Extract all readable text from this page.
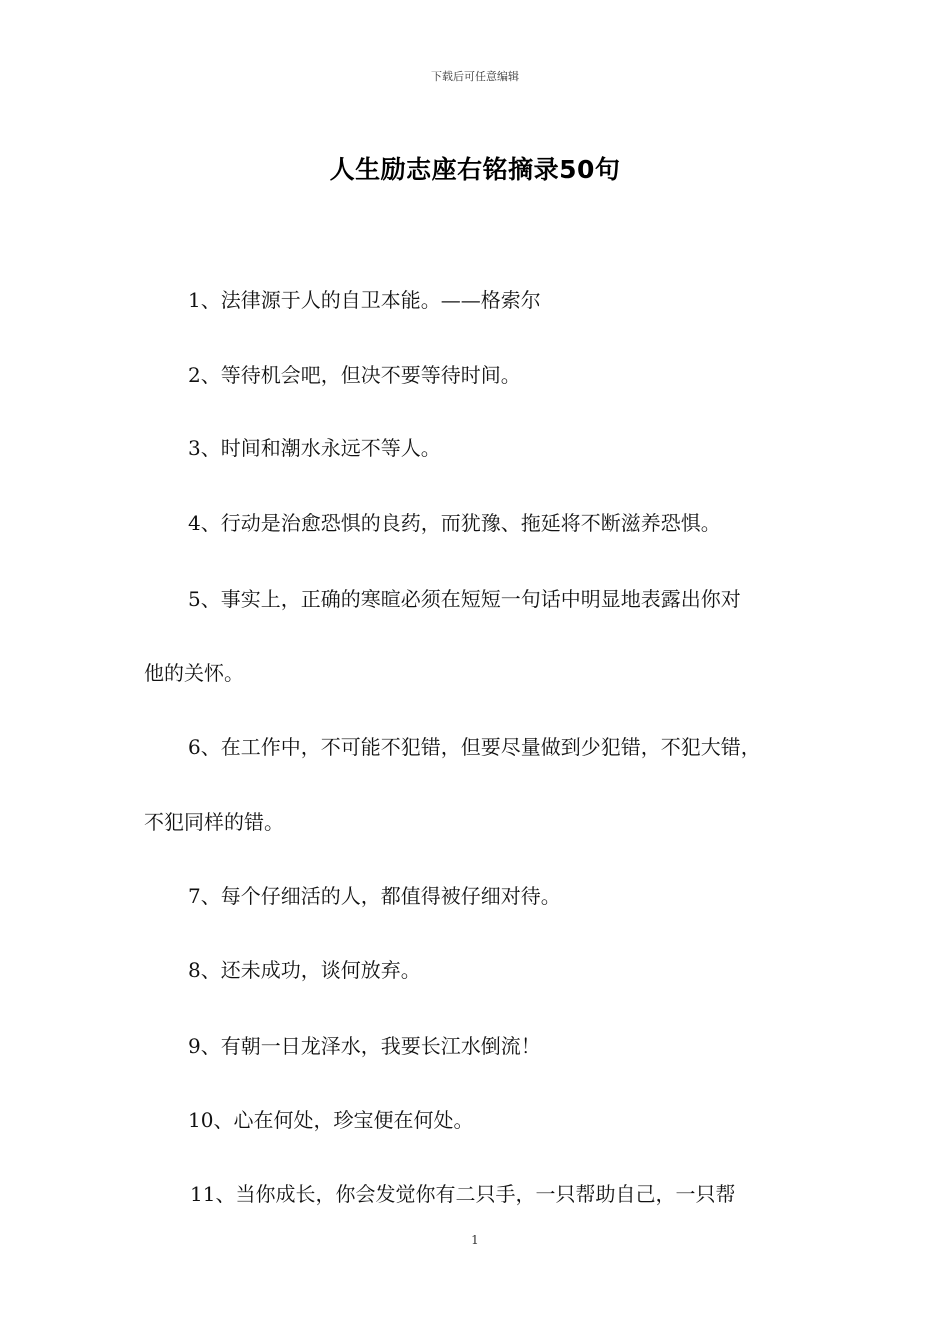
下载后可任意编辑
人生励志座右铭摘录50句
1、法律源于人的自卫本能。——格索尔
2、等待机会吧，但决不要等待时间。
3、时间和潮水永远不等人。
4、行动是治愈恐惧的良药，而犹豫、拖延将不断滋养恐惧。
5、事实上，正确的寒暄必须在短短一句话中明显地表露出你对
他的关怀。
6、在工作中，不可能不犯错，但要尽量做到少犯错，不犯大错，
不犯同样的错。
7、每个仔细活的人，都值得被仔细对待。
8、还未成功，谈何放弃。
9、有朝一日龙泽水，我要长江水倒流！
10、心在何处，珍宝便在何处。
11、当你成长，你会发觉你有二只手，一只帮助自己，一只帮
1
